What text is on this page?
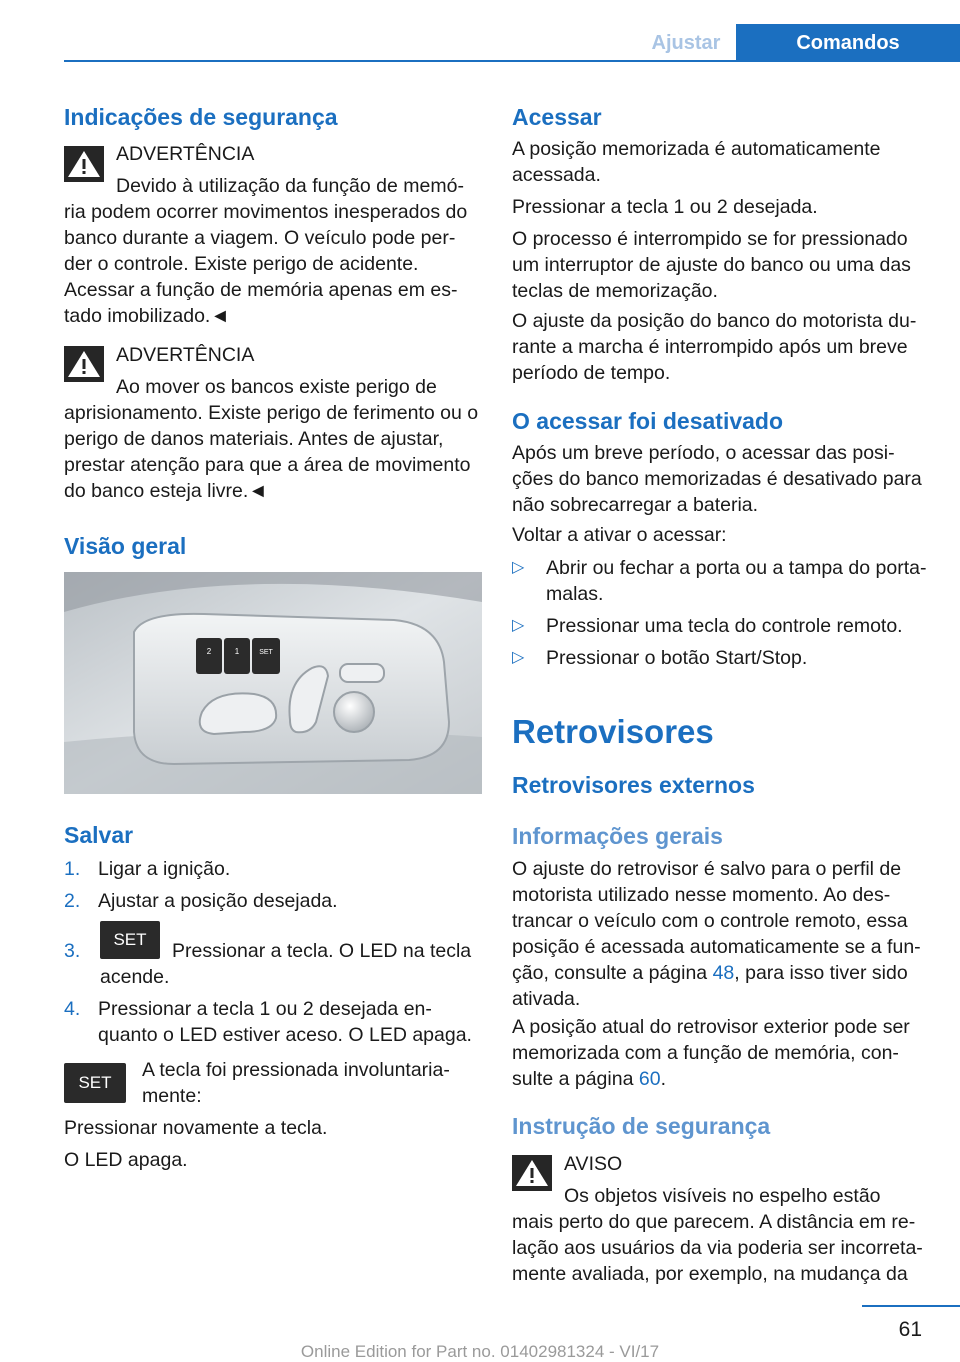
Ajustar	Comandos
Indicações de segurança
ADVERTÊNCIA
Devido à utilização da função de memó-
ria podem ocorrer movimentos inesperados do banco durante a viagem. O veículo pode per-der o controle. Existe perigo de acidente. Acessar a função de memória apenas em es-tado imobilizado.◄
ADVERTÊNCIA
Ao mover os bancos existe perigo de
aprisionamento. Existe perigo de ferimento ou o perigo de danos materiais. Antes de ajustar, prestar atenção para que a área de movimento do banco esteja livre.◄
Visão geral
2	1	SET
Salvar
1. Ligar a ignição.
2. Ajustar a posição desejada.
3.
SET
Pressionar a tecla. O LED na tecla acende.
4. Pressionar a tecla 1 ou 2 desejada en-quanto o LED estiver aceso. O LED apaga.
SET
A tecla foi pressionada involuntaria-mente:
Pressionar novamente a tecla.
O LED apaga.
Acessar
A posição memorizada é automaticamente acessada.
Pressionar a tecla 1 ou 2 desejada.
O processo é interrompido se for pressionado um interruptor de ajuste do banco ou uma das teclas de memorização.
O ajuste da posição do banco do motorista du-rante a marcha é interrompido após um breve período de tempo.
O acessar foi desativado
Após um breve período, o acessar das posi-ções do banco memorizadas é desativado para não sobrecarregar a bateria.
Voltar a ativar o acessar:
▷ Abrir ou fechar a porta ou a tampa do porta-malas.
▷ Pressionar uma tecla do controle remoto.
▷ Pressionar o botão Start/Stop.
Retrovisores
Retrovisores externos
Informações gerais
O ajuste do retrovisor é salvo para o perfil de motorista utilizado nesse momento. Ao des-trancar o veículo com o controle remoto, essa posição é acessada automaticamente se a fun-ção, consulte a página 48, para isso tiver sido ativada.
A posição atual do retrovisor exterior pode ser memorizada com a função de memória, con-sulte a página 60.
Instrução de segurança
AVISO
Os objetos visíveis no espelho estão
mais perto do que parecem. A distância em re-lação aos usuários da via poderia ser incorreta-mente avaliada, por exemplo, na mudança da
61
Online Edition for Part no. 01402981324 - VI/17
